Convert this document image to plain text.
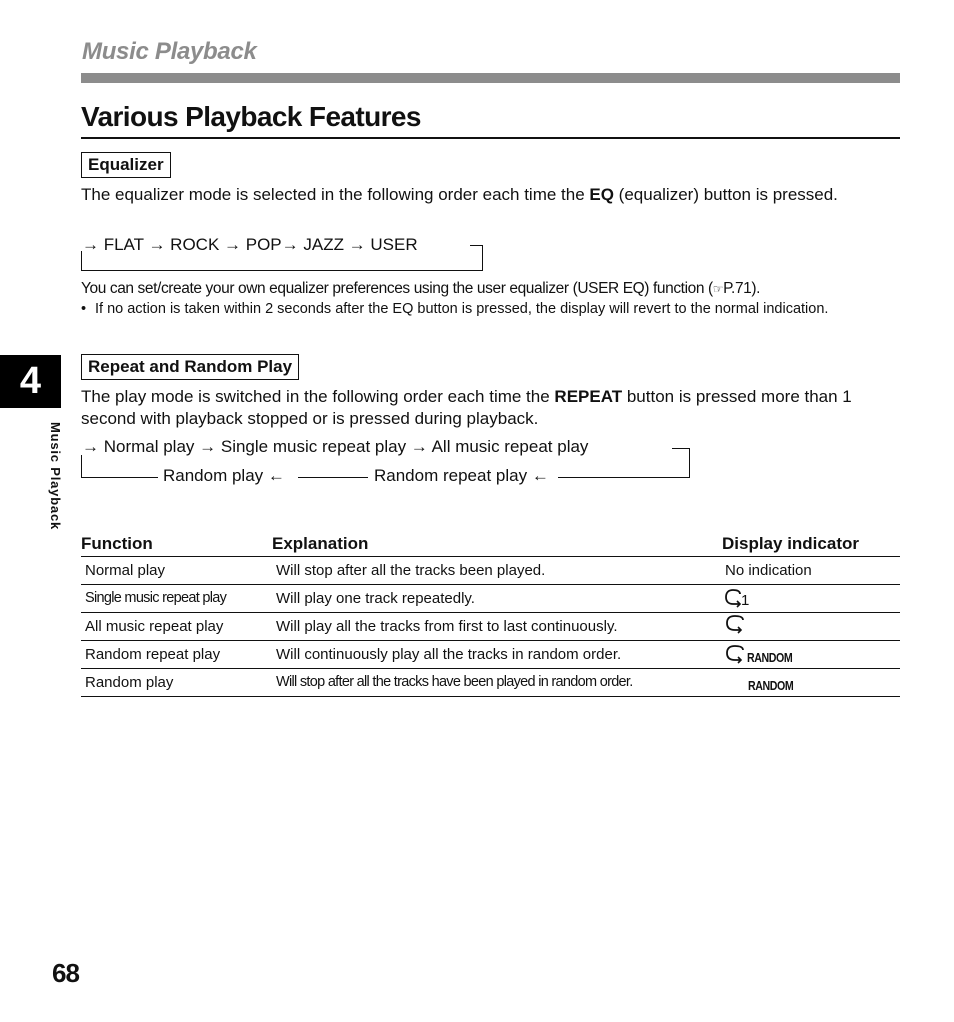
Music Playback
Various Playback Features
Equalizer
The equalizer mode is selected in the following order each time the EQ (equalizer) button is pressed.
→ FLAT → ROCK → POP→ JAZZ → USER
You can set/create your own equalizer preferences using the user equalizer (USER EQ) function (☞P.71).
• If no action is taken within 2 seconds after the EQ button is pressed, the display will revert to the normal indication.
Repeat and Random Play
The play mode is switched in the following order each time the REPEAT button is pressed more than 1 second with playback stopped or is pressed during playback.
→ Normal play → Single music repeat play → All music repeat play
Random repeat play ←
Random play ←
Function	Explanation	Display indicator
Normal play	Will stop after all the tracks been played.	No indication
Single music repeat play	Will play one track repeatedly.	1
All music repeat play	Will play all the tracks from first to last continuously.
Random repeat play	Will continuously play all the tracks in random order.	RANDOM
Random play	Will stop after all the tracks have been played in random order.	RANDOM
4
Music Playback
68
